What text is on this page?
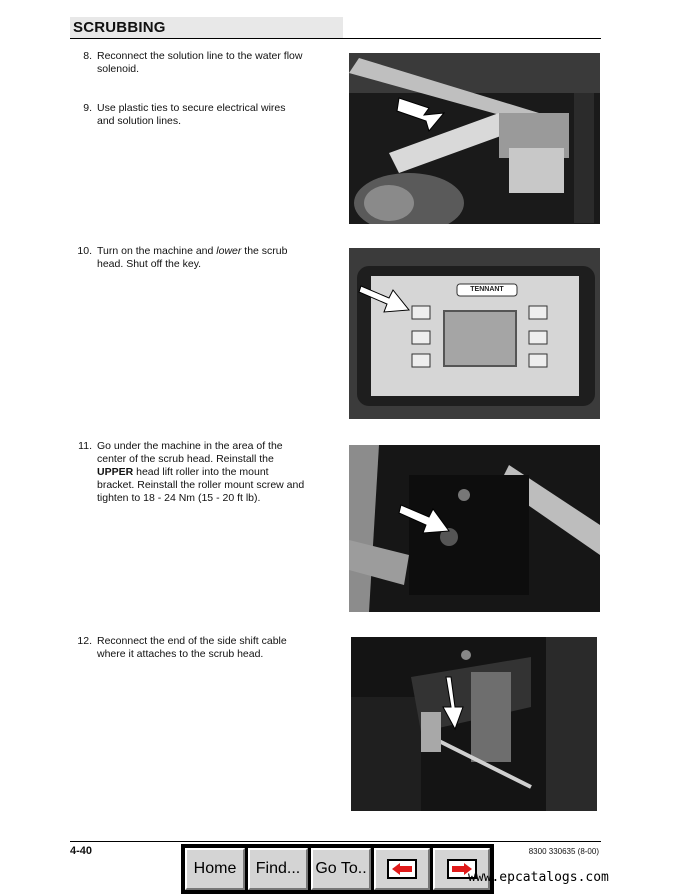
SCRUBBING
8. Reconnect the solution line to the water flow
solenoid.
9. Use plastic ties to secure electrical wires
and solution lines.
10. Turn on the machine and lower the scrub
head. Shut off the key.
11. Go under the machine in the area of the
center of the scrub head. Reinstall the
UPPER head lift roller into the mount
bracket. Reinstall the roller mount screw and
tighten to 18 - 24 Nm (15 - 20 ft lb).
12. Reconnect the end of the side shift cable
where it attaches to the scrub head.
TENNANT
4-40	8300 330635 (8-00)
Home	Find... Go To..
www.epcatalogs.com
